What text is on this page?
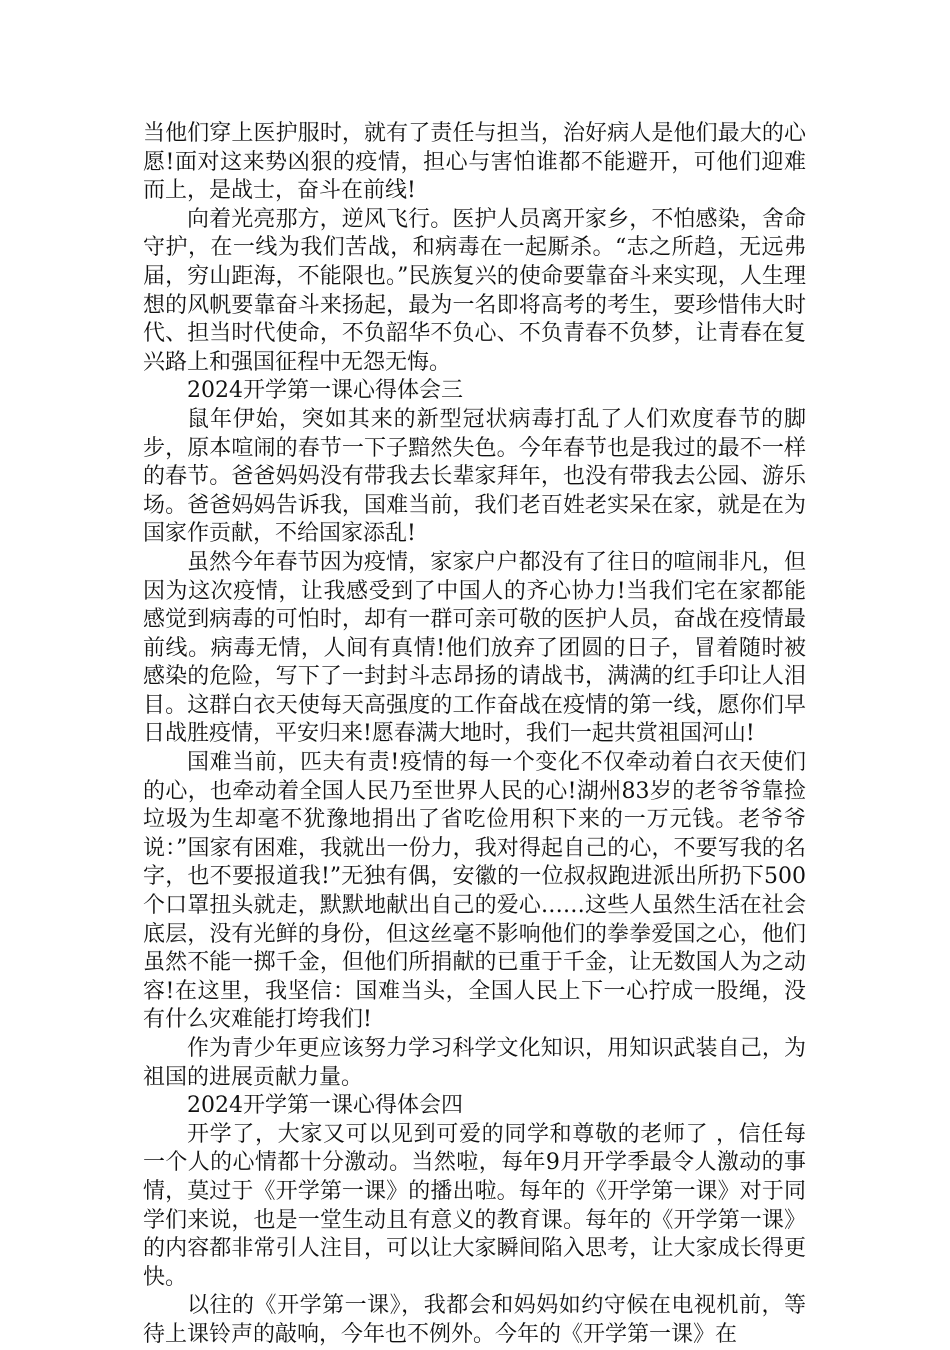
当他们穿上医护服时，就有了责任与担当，治好病人是他们最大的心愿!面对这来势凶狠的疫情，担心与害怕谁都不能避开，可他们迎难而上，是战士，奋斗在前线!

向着光亮那方，逆风飞行。医护人员离开家乡，不怕感染，舍命守护，在一线为我们苦战，和病毒在一起厮杀。“志之所趋，无远弗届，穷山距海，不能限也。”民族复兴的使命要靠奋斗来实现，人生理想的风帆要靠奋斗来扬起，最为一名即将高考的考生，要珍惜伟大时代、担当时代使命，不负韶华不负心、不负青春不负梦，让青春在复兴路上和强国征程中无怨无悔。

2024开学第一课心得体会三

鼠年伊始，突如其来的新型冠状病毒打乱了人们欢度春节的脚步，原本喧闹的春节一下子黯然失色。今年春节也是我过的最不一样的春节。爸爸妈妈没有带我去长辈家拜年，也没有带我去公园、游乐场。爸爸妈妈告诉我，国难当前，我们老百姓老实呆在家，就是在为国家作贡献，不给国家添乱!

虽然今年春节因为疫情，家家户户都没有了往日的喧闹非凡，但因为这次疫情，让我感受到了中国人的齐心协力!当我们宅在家都能感觉到病毒的可怕时，却有一群可亲可敬的医护人员，奋战在疫情最前线。病毒无情，人间有真情!他们放弃了团圆的日子，冒着随时被感染的危险，写下了一封封斗志昂扬的请战书，满满的红手印让人泪目。这群白衣天使每天高强度的工作奋战在疫情的第一线，愿你们早日战胜疫情，平安归来!愿春满大地时，我们一起共赏祖国河山!

国难当前，匹夫有责!疫情的每一个变化不仅牵动着白衣天使们的心，也牵动着全国人民乃至世界人民的心!湖州83岁的老爷爷靠捡垃圾为生却毫不犹豫地捐出了省吃俭用积下来的一万元钱。老爷爷说：”国家有困难，我就出一份力，我对得起自己的心，不要写我的名字，也不要报道我!”无独有偶，安徽的一位叔叔跑进派出所扔下500个口罩扭头就走，默默地献出自己的爱心……这些人虽然生活在社会底层，没有光鲜的身份，但这丝毫不影响他们的拳拳爱国之心，他们虽然不能一掷千金，但他们所捐献的已重于千金，让无数国人为之动容!在这里，我坚信：国难当头，全国人民上下一心拧成一股绳，没有什么灾难能打垮我们!

作为青少年更应该努力学习科学文化知识，用知识武装自己，为祖国的进展贡献力量。

2024开学第一课心得体会四

开学了，大家又可以见到可爱的同学和尊敬的老师了 ，信任每一个人的心情都十分激动。当然啦，每年9月开学季最令人激动的事情，莫过于《开学第一课》的播出啦。每年的《开学第一课》对于同学们来说，也是一堂生动且有意义的教育课。每年的《开学第一课》的内容都非常引人注目，可以让大家瞬间陷入思考，让大家成长得更快。

以往的《开学第一课》，我都会和妈妈如约守候在电视机前，等待上课铃声的敲响，今年也不例外。今年的《开学第一课》在
